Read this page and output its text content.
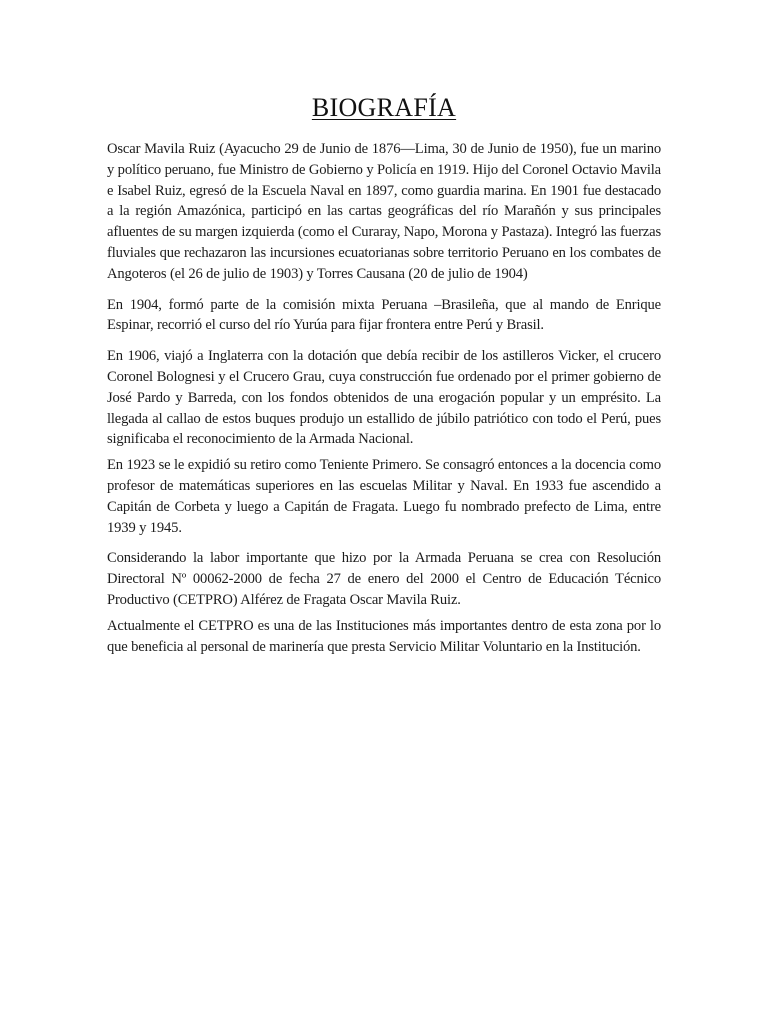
BIOGRAFÍA

Oscar Mavila Ruiz (Ayacucho 29 de Junio de 1876—Lima, 30 de Junio de 1950), fue un marino y político peruano, fue Ministro de Gobierno y Policía en 1919. Hijo del Coronel Octavio Mavila e Isabel Ruiz, egresó de la Escuela Naval en 1897, como guardia marina. En 1901 fue destacado a la región Amazónica, participó en las cartas geográficas del río Marañón y sus principales afluentes de su margen izquierda (como el Curaray, Napo, Morona y Pastaza). Integró las fuerzas fluviales que rechazaron las incursiones ecuatorianas sobre territorio Peruano en los combates de Angoteros (el 26 de julio de 1903) y Torres Causana (20 de julio de 1904)

En 1904, formó parte de la comisión mixta Peruana –Brasileña, que al mando de Enrique Espinar, recorrió el curso del río Yurúa para fijar frontera entre Perú y Brasil.

En 1906, viajó a Inglaterra con la dotación que debía recibir de los astilleros Vicker, el crucero Coronel Bolognesi y el Crucero Grau, cuya construcción fue ordenado por el primer gobierno de José Pardo y Barreda, con los fondos obtenidos de una erogación popular y un emprésito. La llegada al callao de estos buques produjo un estallido de júbilo patriótico con todo el Perú, pues significaba el reconocimiento de la Armada Nacional.

En 1923 se le expidió su retiro como Teniente Primero. Se consagró entonces a la docencia como profesor de matemáticas superiores en las escuelas Militar y Naval. En 1933 fue ascendido a Capitán de Corbeta y luego a Capitán de Fragata. Luego fu nombrado prefecto de Lima, entre 1939 y 1945.

Considerando la labor importante que hizo por la Armada Peruana se crea con Resolución Directoral Nº 00062-2000 de fecha 27 de enero del 2000 el Centro de Educación Técnico Productivo (CETPRO) Alférez de Fragata Oscar Mavila Ruiz.

Actualmente el CETPRO es una de las Instituciones más importantes dentro de esta zona por lo que beneficia al personal de marinería que presta Servicio Militar Voluntario en la Institución.
